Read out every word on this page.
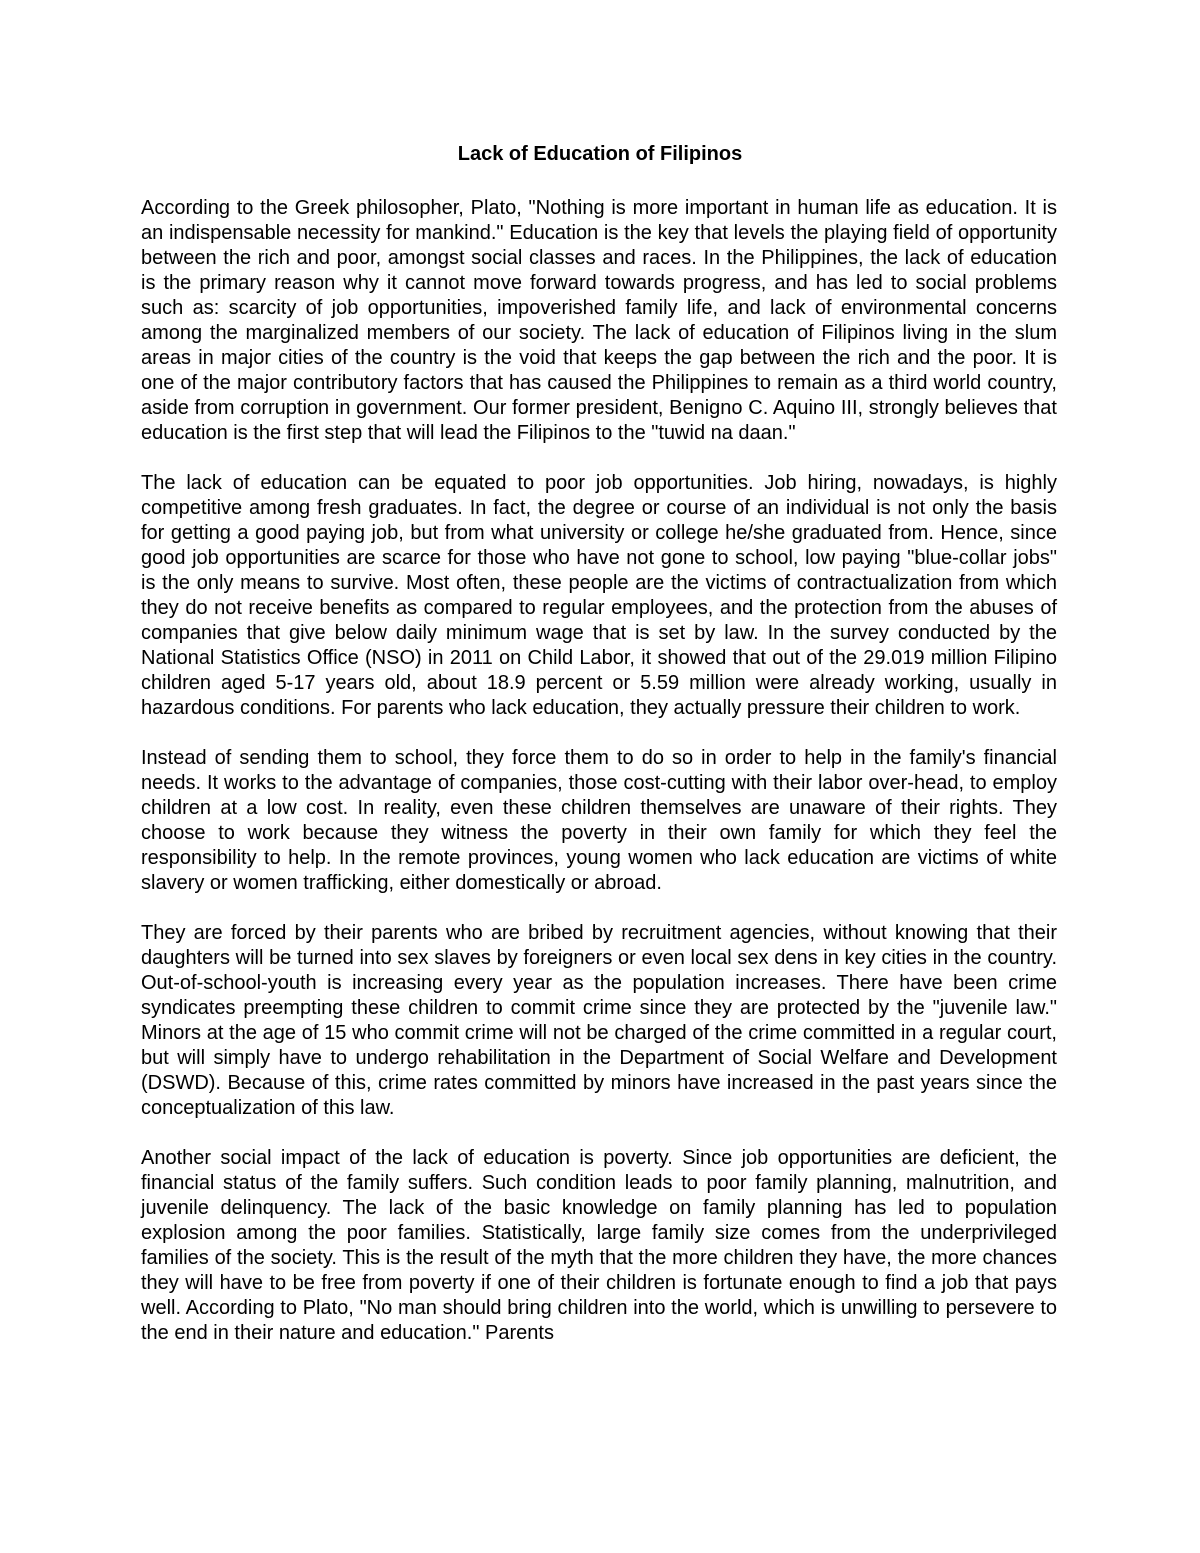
Lack of Education of Filipinos

According to the Greek philosopher, Plato, "Nothing is more important in human life as education. It is an indispensable necessity for mankind." Education is the key that levels the playing field of opportunity between the rich and poor, amongst social classes and races. In the Philippines, the lack of education is the primary reason why it cannot move forward towards progress, and has led to social problems such as: scarcity of job opportunities, impoverished family life, and lack of environmental concerns among the marginalized members of our society. The lack of education of Filipinos living in the slum areas in major cities of the country is the void that keeps the gap between the rich and the poor. It is one of the major contributory factors that has caused the Philippines to remain as a third world country, aside from corruption in government. Our former president, Benigno C. Aquino III, strongly believes that education is the first step that will lead the Filipinos to the "tuwid na daan."

The lack of education can be equated to poor job opportunities. Job hiring, nowadays, is highly competitive among fresh graduates. In fact, the degree or course of an individual is not only the basis for getting a good paying job, but from what university or college he/she graduated from. Hence, since good job opportunities are scarce for those who have not gone to school, low paying "blue-collar jobs" is the only means to survive. Most often, these people are the victims of contractualization from which they do not receive benefits as compared to regular employees, and the protection from the abuses of companies that give below daily minimum wage that is set by law. In the survey conducted by the National Statistics Office (NSO) in 2011 on Child Labor, it showed that out of the 29.019 million Filipino children aged 5-17 years old, about 18.9 percent or 5.59 million were already working, usually in hazardous conditions. For parents who lack education, they actually pressure their children to work.

Instead of sending them to school, they force them to do so in order to help in the family's financial needs. It works to the advantage of companies, those cost-cutting with their labor over-head, to employ children at a low cost. In reality, even these children themselves are unaware of their rights. They choose to work because they witness the poverty in their own family for which they feel the responsibility to help. In the remote provinces, young women who lack education are victims of white slavery or women trafficking, either domestically or abroad.

They are forced by their parents who are bribed by recruitment agencies, without knowing that their daughters will be turned into sex slaves by foreigners or even local sex dens in key cities in the country. Out-of-school-youth is increasing every year as the population increases. There have been crime syndicates preempting these children to commit crime since they are protected by the "juvenile law." Minors at the age of 15 who commit crime will not be charged of the crime committed in a regular court, but will simply have to undergo rehabilitation in the Department of Social Welfare and Development (DSWD). Because of this, crime rates committed by minors have increased in the past years since the conceptualization of this law.

Another social impact of the lack of education is poverty. Since job opportunities are deficient, the financial status of the family suffers. Such condition leads to poor family planning, malnutrition, and juvenile delinquency. The lack of the basic knowledge on family planning has led to population explosion among the poor families. Statistically, large family size comes from the underprivileged families of the society. This is the result of the myth that the more children they have, the more chances they will have to be free from poverty if one of their children is fortunate enough to find a job that pays well. According to Plato, "No man should bring children into the world, which is unwilling to persevere to the end in their nature and education." Parents
